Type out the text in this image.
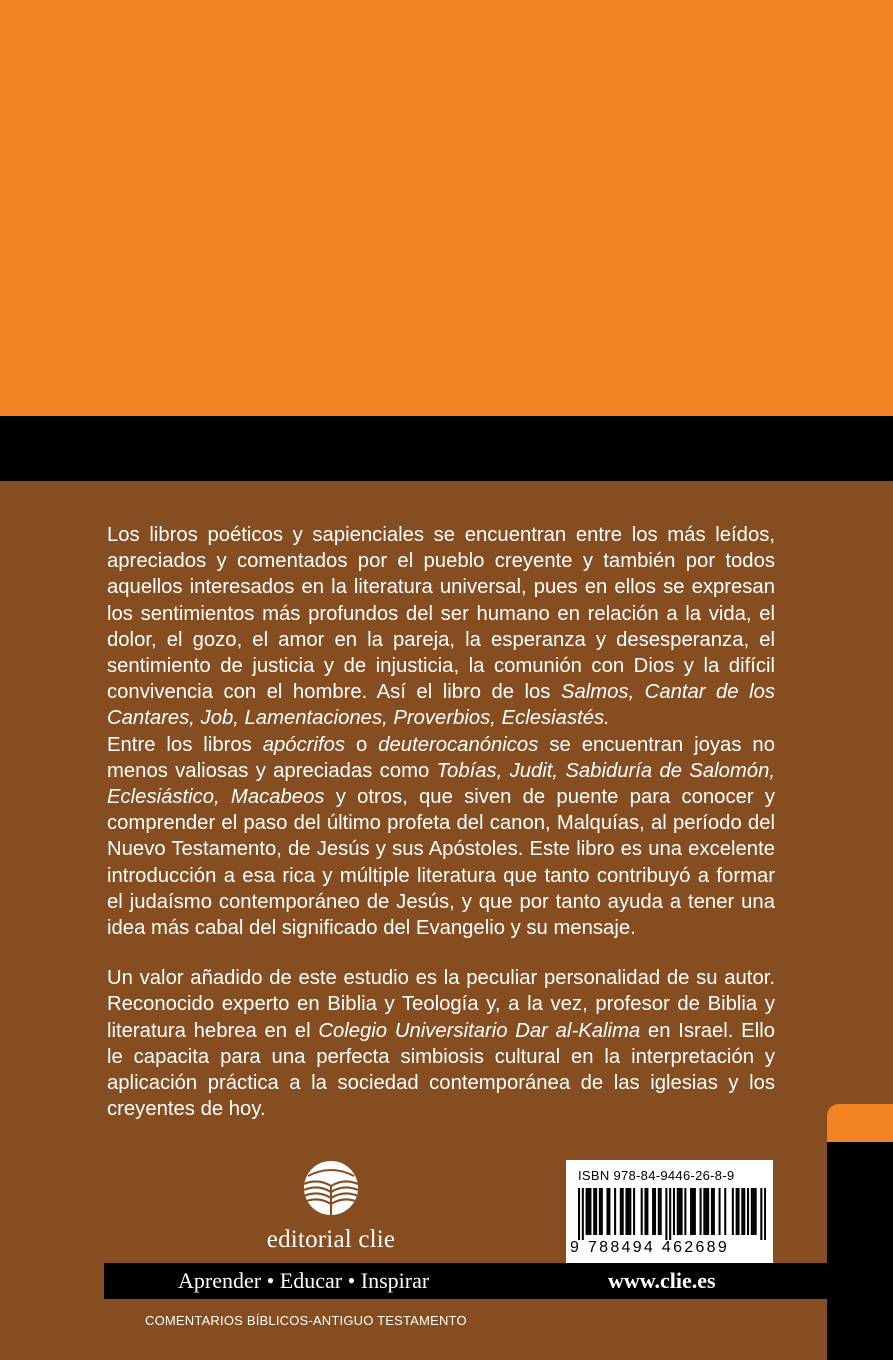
Los libros poéticos y sapienciales se encuentran entre los más leídos, apreciados y comentados por el pueblo creyente y también por todos aquellos interesados en la literatura universal, pues en ellos se expresan los sentimientos más profundos del ser humano en relación a la vida, el dolor, el gozo, el amor en la pareja, la esperanza y desesperanza, el sentimiento de justicia y de injusticia, la comunión con Dios y la difícil convivencia con el hombre. Así el libro de los Salmos, Cantar de los Cantares, Job, Lamentaciones, Proverbios, Eclesiastés.

Entre los libros apócrifos o deuterocanónicos se encuentran joyas no menos valiosas y apreciadas como Tobías, Judit, Sabiduría de Salomón, Eclesiástico, Macabeos y otros, que siven de puente para conocer y comprender el paso del último profeta del canon, Malquías, al período del Nuevo Testamento, de Jesús y sus Apóstoles. Este libro es una excelente introducción a esa rica y múltiple literatura que tanto contribuyó a formar el judaísmo contemporáneo de Jesús, y que por tanto ayuda a tener una idea más cabal del significado del Evangelio y su mensaje.

Un valor añadido de este estudio es la peculiar personalidad de su autor. Reconocido experto en Biblia y Teología y, a la vez, profesor de Biblia y literatura hebrea en el Colegio Universitario Dar al-Kalima en Israel. Ello le capacita para una perfecta simbiosis cultural en la interpretación y aplicación práctica a la sociedad contemporánea de las iglesias y los creyentes de hoy.

editorial clie
ISBN 978-84-9446-26-8-9
9 788494 462689
Aprender • Educar • Inspirar	www.clie.es
COMENTARIOS BÍBLICOS-ANTIGUO TESTAMENTO
